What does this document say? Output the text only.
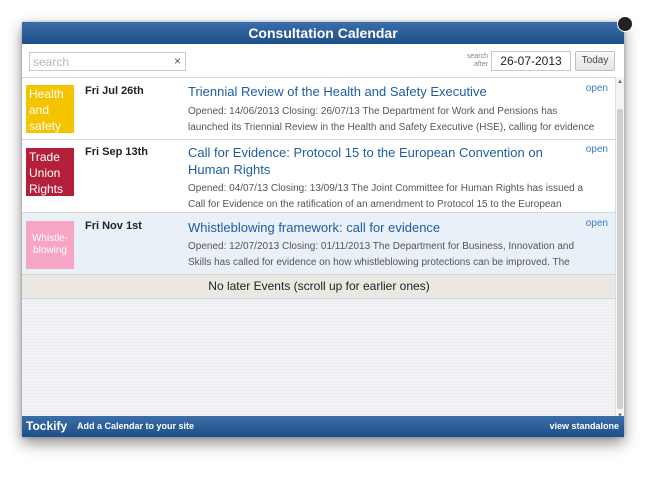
Consultation Calendar
search
×	search after	26-07-2013	Today
Health and safety
Fri Jul 26th	Triennial Review of the Health and Safety Executive	open
Opened: 14/06/2013 Closing: 26/07/13 The Department for Work and Pensions has launched its Triennial Review in the Health and Safety Executive (HSE), calling for evidence
Trade Union Rights
Fri Sep 13th	Call for Evidence: Protocol 15 to the European Convention on Human Rights
open
Opened: 04/07/13 Closing: 13/09/13 The Joint Committee for Human Rights has issued a Call for Evidence on the ratification of an amendment to Protocol 15 to the European
Whistle-blowing
Fri Nov 1st	Whistleblowing framework: call for evidence	open
Opened: 12/07/2013 Closing: 01/11/2013 The Department for Business, Innovation and Skills has called for evidence on how whistleblowing protections can be improved. The
No later Events (scroll up for earlier ones)
▲
Tockify Add a Calendar to your site	view standalone
